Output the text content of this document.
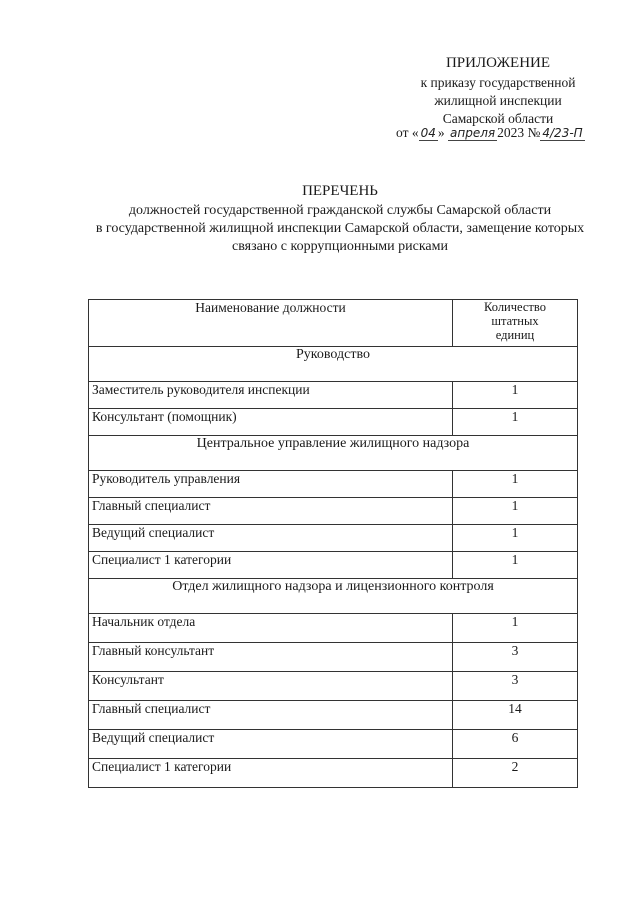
ПРИЛОЖЕНИЕ
к приказу государственной
жилищной инспекции
Самарской области
от « 04 » апреля 2023 № 4/23-П
ПЕРЕЧЕНЬ
должностей государственной гражданской службы Самарской области
в государственной жилищной инспекции Самарской области, замещение которых
связано с коррупционными рисками
Наименование должности	Количество
штатных
единиц

Руководство	
Заместитель руководителя инспекции	1
Консультант (помощник)	1
Центральное управление жилищного надзора	
Руководитель управления	1
Главный специалист	1
Ведущий специалист	1
Специалист 1 категории	1
Отдел жилищного надзора и лицензионного контроля	
Начальник отдела	1
Главный консультант	3
Консультант	3
Главный специалист	14
Ведущий специалист	6
Специалист 1 категории	2
